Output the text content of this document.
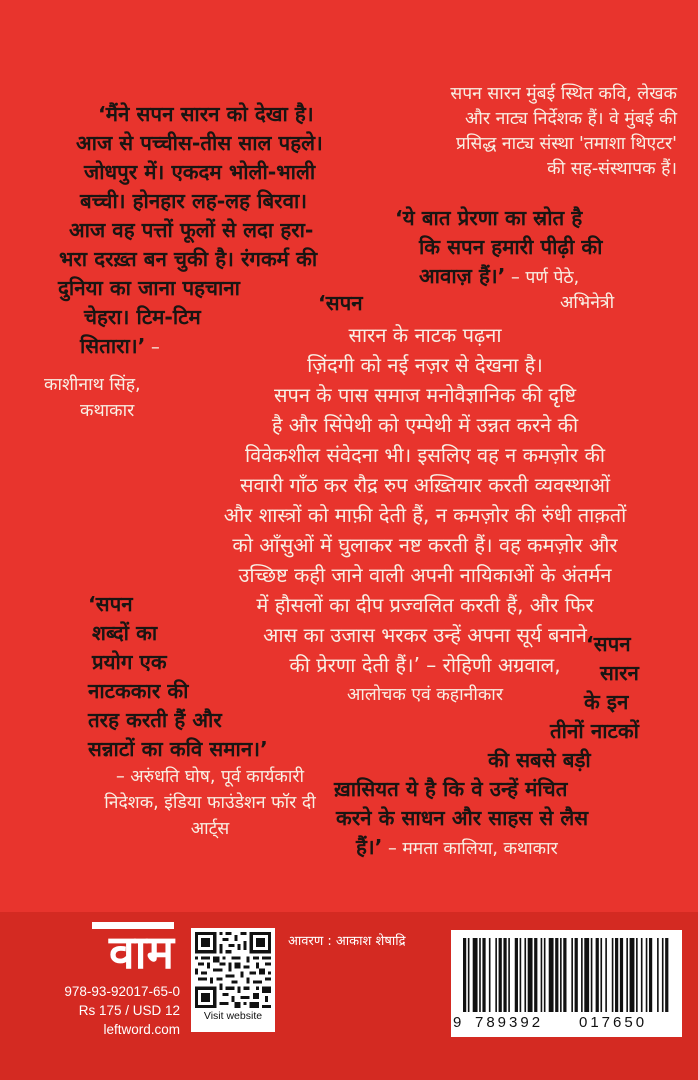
सपन सारन मुंबई स्थित कवि, लेखक
और नाट्य निर्देशक हैं। वे मुंबई की
प्रसिद्ध नाट्य संस्था 'तमाशा थिएटर'
की सह-संस्थापक हैं।
‘मैंने सपन सारन को देखा है।
आज से पच्चीस-तीस साल पहले।
जोधपुर में। एकदम भोली-भाली
बच्ची। होनहार लह-लह बिरवा।
आज वह पत्तों फूलों से लदा हरा-
भरा दरख़्त बन चुकी है। रंगकर्म की
दुनिया का जाना पहचाना
चेहरा। टिम-टिम
सितारा।’ –
काशीनाथ सिंह,
कथाकार
‘ये बात प्रेरणा का स्रोत है
कि सपन हमारी पीढ़ी की
आवाज़ हैं।’ – पर्ण पेठे,
अभिनेत्री
‘सपन
सारन के नाटक पढ़ना
ज़िंदगी को नई नज़र से देखना है।
सपन के पास समाज मनोवैज्ञानिक की दृष्टि
है और सिंपेथी को एम्पेथी में उन्नत करने की
विवेकशील संवेदना भी। इसलिए वह न कमज़ोर की
सवारी गाँठ कर रौद्र रुप अख़्तियार करती व्यवस्थाओं
और शास्त्रों को माफ़ी देती हैं, न कमज़ोर की रुंधी ताक़तों
को आँसुओं में घुलाकर नष्ट करती हैं। वह कमज़ोर और
उच्छिष्ट कही जाने वाली अपनी नायिकाओं के अंतर्मन
में हौसलों का दीप प्रज्वलित करती हैं, और फिर
आस का उजास भरकर उन्हें अपना सूर्य बनाने
की प्रेरणा देती हैं।’ – रोहिणी अग्रवाल,
आलोचक एवं कहानीकार
‘सपन
शब्दों का
प्रयोग एक
नाटककार की
तरह करती हैं और
सन्नाटों का कवि समान।’
– अरुंधति घोष, पूर्व कार्यकारी
निदेशक, इंडिया फाउंडेशन फॉर दी
आर्ट्स
‘सपन
सारन
के इन
तीनों नाटकों
की सबसे बड़ी
ख़ासियत ये है कि वे उन्हें मंचित
करने के साधन और साहस से लैस
हैं।’ – ममता कालिया, कथाकार
वाम
978-93-92017-65-0
Rs 175 / USD 12
leftword.com
Visit website
आवरण : आकाश शेषाद्रि
9 789392 017650
